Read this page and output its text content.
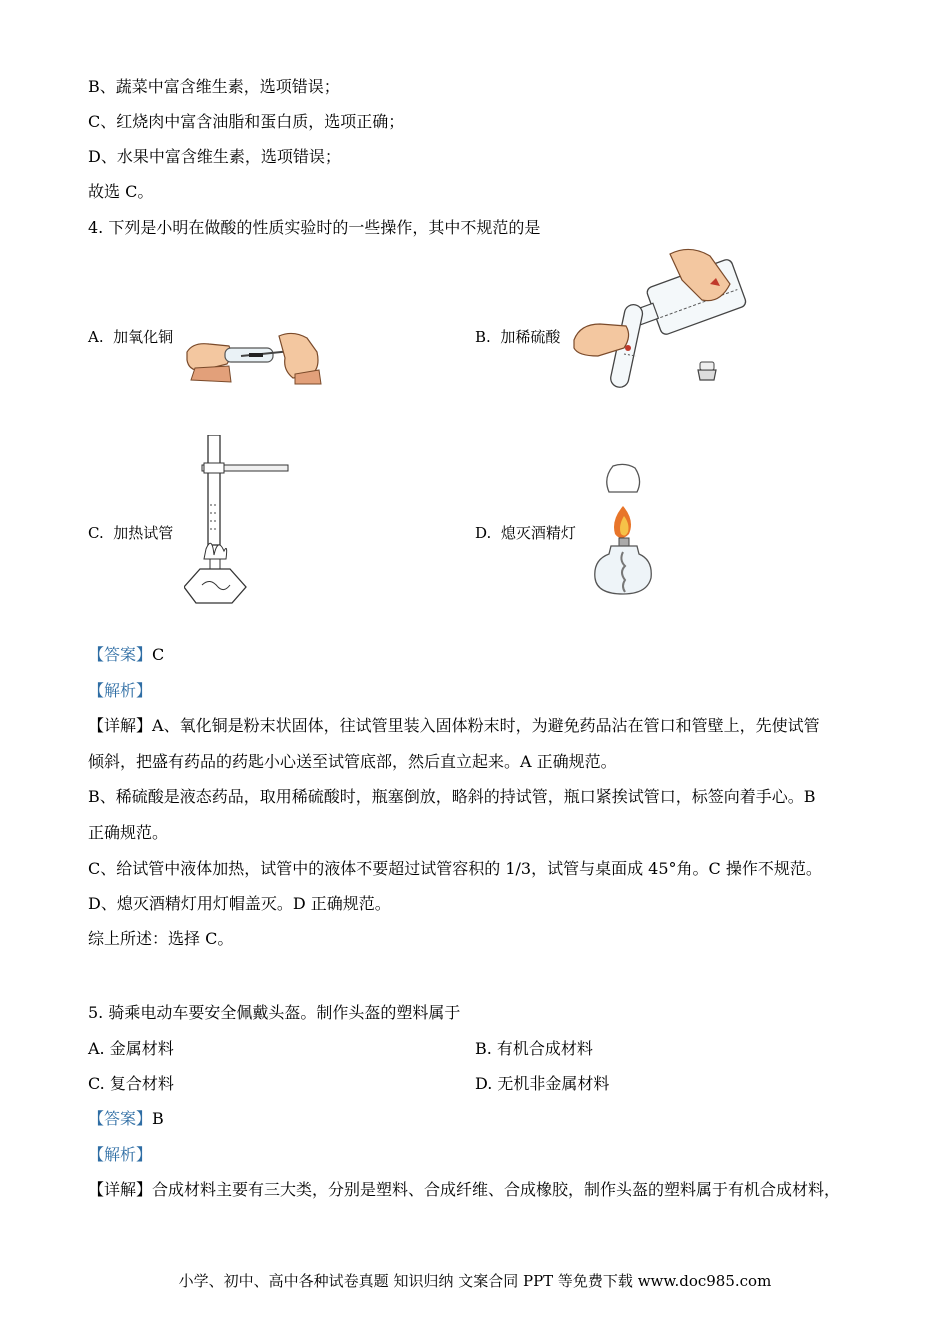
B、蔬菜中富含维生素，选项错误；
C、红烧肉中富含油脂和蛋白质，选项正确；
D、水果中富含维生素，选项错误；
故选 C。
4. 下列是小明在做酸的性质实验时的一些操作，其中不规范的是
A. 加氧化铜	B. 加稀硫酸
C. 加热试管	D. 熄灭酒精灯
【答案】C
【解析】
【详解】A、氧化铜是粉末状固体，往试管里装入固体粉末时，为避免药品沾在管口和管壁上，先使试管
倾斜，把盛有药品的药匙小心送至试管底部，然后直立起来。A 正确规范。
B、稀硫酸是液态药品，取用稀硫酸时，瓶塞倒放，略斜的持试管，瓶口紧挨试管口，标签向着手心。B
正确规范。
C、给试管中液体加热，试管中的液体不要超过试管容积的 1/3，试管与桌面成 45°角。C 操作不规范。
D、熄灭酒精灯用灯帽盖灭。D 正确规范。
综上所述：选择 C。
5. 骑乘电动车要安全佩戴头盔。制作头盔的塑料属于
A. 金属材料	B. 有机合成材料
C. 复合材料	D. 无机非金属材料
【答案】B
【解析】
【详解】合成材料主要有三大类，分别是塑料、合成纤维、合成橡胶，制作头盔的塑料属于有机合成材料，
小学、初中、高中各种试卷真题 知识归纳 文案合同 PPT 等免费下载 www.doc985.com
